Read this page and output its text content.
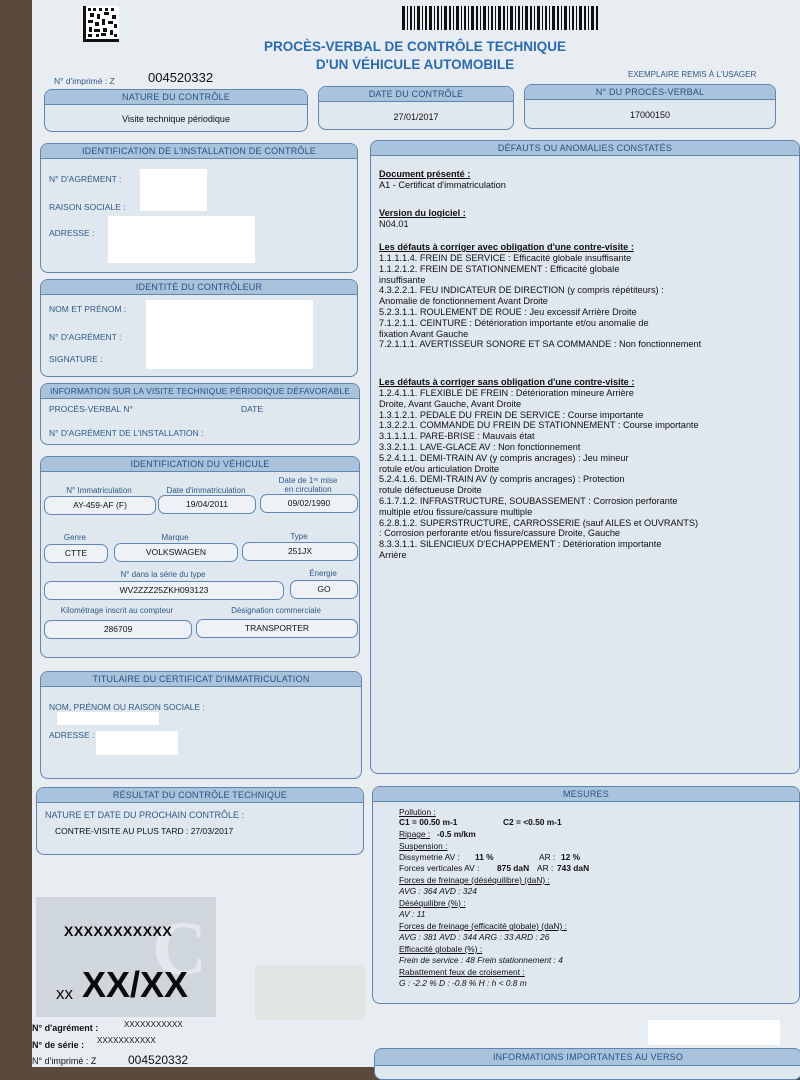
PROCÈS-VERBAL DE CONTRÔLE TECHNIQUE
D'UN VÉHICULE AUTOMOBILE
N° d'imprimé : Z	004520332	EXEMPLAIRE REMIS À L'USAGER
NATURE DU CONTRÔLE
Visite technique périodique
DATE DU CONTRÔLE
27/01/2017
N° DU PROCÈS-VERBAL
17000150
IDENTIFICATION DE L'INSTALLATION DE CONTRÔLE
N° D'AGRÉMENT :
RAISON SOCIALE :
ADRESSE :
IDENTITÉ DU CONTRÔLEUR
NOM ET PRÉNOM :
N° D'AGRÉMENT :
SIGNATURE :
INFORMATION SUR LA VISITE TECHNIQUE PÉRIODIQUE DÉFAVORABLE
PROCÈS-VERBAL N°	DATE
N° D'AGRÉMENT DE L'INSTALLATION :
IDENTIFICATION DU VÉHICULE
N° Immatriculation
AY-459-AF (F)
Date d'immatriculation
19/04/2011
Date de 1ʳᵉ mise
en circulation
09/02/1990
Genre
CTTE
Marque
VOLKSWAGEN
Type
251JX
N° dans la série du type
WV2ZZZ25ZKH093123
Énergie
GO
Kilométrage inscrit au compteur
286709
Désignation commerciale
TRANSPORTER
TITULAIRE DU CERTIFICAT D'IMMATRICULATION
NOM, PRÉNOM OU RAISON SOCIALE :
ADRESSE :
DÉFAUTS OU ANOMALIES CONSTATÉS
Document présenté :
A1 - Certificat d'immatriculation
Version du logiciel :
N04.01
Les défauts à corriger avec obligation d'une contre-visite :
1.1.1.1.4. FREIN DE SERVICE : Efficacité globale insuffisante
1.1.2.1.2. FREIN DE STATIONNEMENT : Efficacité globale
insuffisante
4.3.2.2.1. FEU INDICATEUR DE DIRECTION (y compris répétiteurs) :
Anomalie de fonctionnement Avant Droite
5.2.3.1.1. ROULEMENT DE ROUE : Jeu excessif Arrière Droite
7.1.2.1.1. CEINTURE : Détérioration importante et/ou anomalie de
fixation Avant Gauche
7.2.1.1.1. AVERTISSEUR SONORE ET SA COMMANDE : Non fonctionnement
Les défauts à corriger sans obligation d'une contre-visite :
1.2.4.1.1. FLEXIBLE DE FREIN : Détérioration mineure Arrière
Droite, Avant Gauche, Avant Droite
1.3.1.2.1. PEDALE DU FREIN DE SERVICE : Course importante
1.3.2.2.1. COMMANDE DU FREIN DE STATIONNEMENT : Course importante
3.1.1.1.1. PARE-BRISE : Mauvais état
3.3.2.1.1. LAVE-GLACE AV : Non fonctionnement
5.2.4.1.1. DEMI-TRAIN AV (y compris ancrages) : Jeu mineur
rotule et/ou articulation Droite
5.2.4.1.6. DEMI-TRAIN AV (y compris ancrages) : Protection
rotule défectueuse Droite
6.1.7.1.2. INFRASTRUCTURE, SOUBASSEMENT : Corrosion perforante
multiple et/ou fissure/cassure multiple
6.2.8.1.2. SUPERSTRUCTURE, CARROSSERIE (sauf AILES et OUVRANTS)
: Corrosion perforante et/ou fissure/cassure Droite, Gauche
8.3.3.1.1. SILENCIEUX D'ECHAPPEMENT : Détérioration importante
Arrière
RÉSULTAT DU CONTRÔLE TECHNIQUE
NATURE ET DATE DU PROCHAIN CONTRÔLE :
CONTRE-VISITE AU PLUS TARD : 27/03/2017
MESURES
Pollution :
C1 = 00.50 m-1	C2 = <0.50 m-1
Ripage : -0.5 m/km
Suspension :
Dissymetrie AV : 11 %	AR : 12 %
Forces verticales AV : 875 daN AR : 743 daN
Forces de freinage (déséquilibre) (daN) :
AVG : 364 AVD : 324
Déséquilibre (%) :
AV : 11
Forces de freinage (efficacité globale) (daN) :
AVG : 381 AVD : 344 ARG : 33 ARD : 26
Efficacité globale (%) :
Frein de service : 48 Frein stationnement : 4
Rabattement feux de croisement :
G : -2.2 % D : -0.8 % H : h < 0.8 m
C
XXXXXXXXXXX
xx XX/XX
N° d'agrément :	XXXXXXXXXXX
N° de série : XXXXXXXXXXX
N° d'imprimé : Z	004520332	INFORMATIONS IMPORTANTES AU VERSO
